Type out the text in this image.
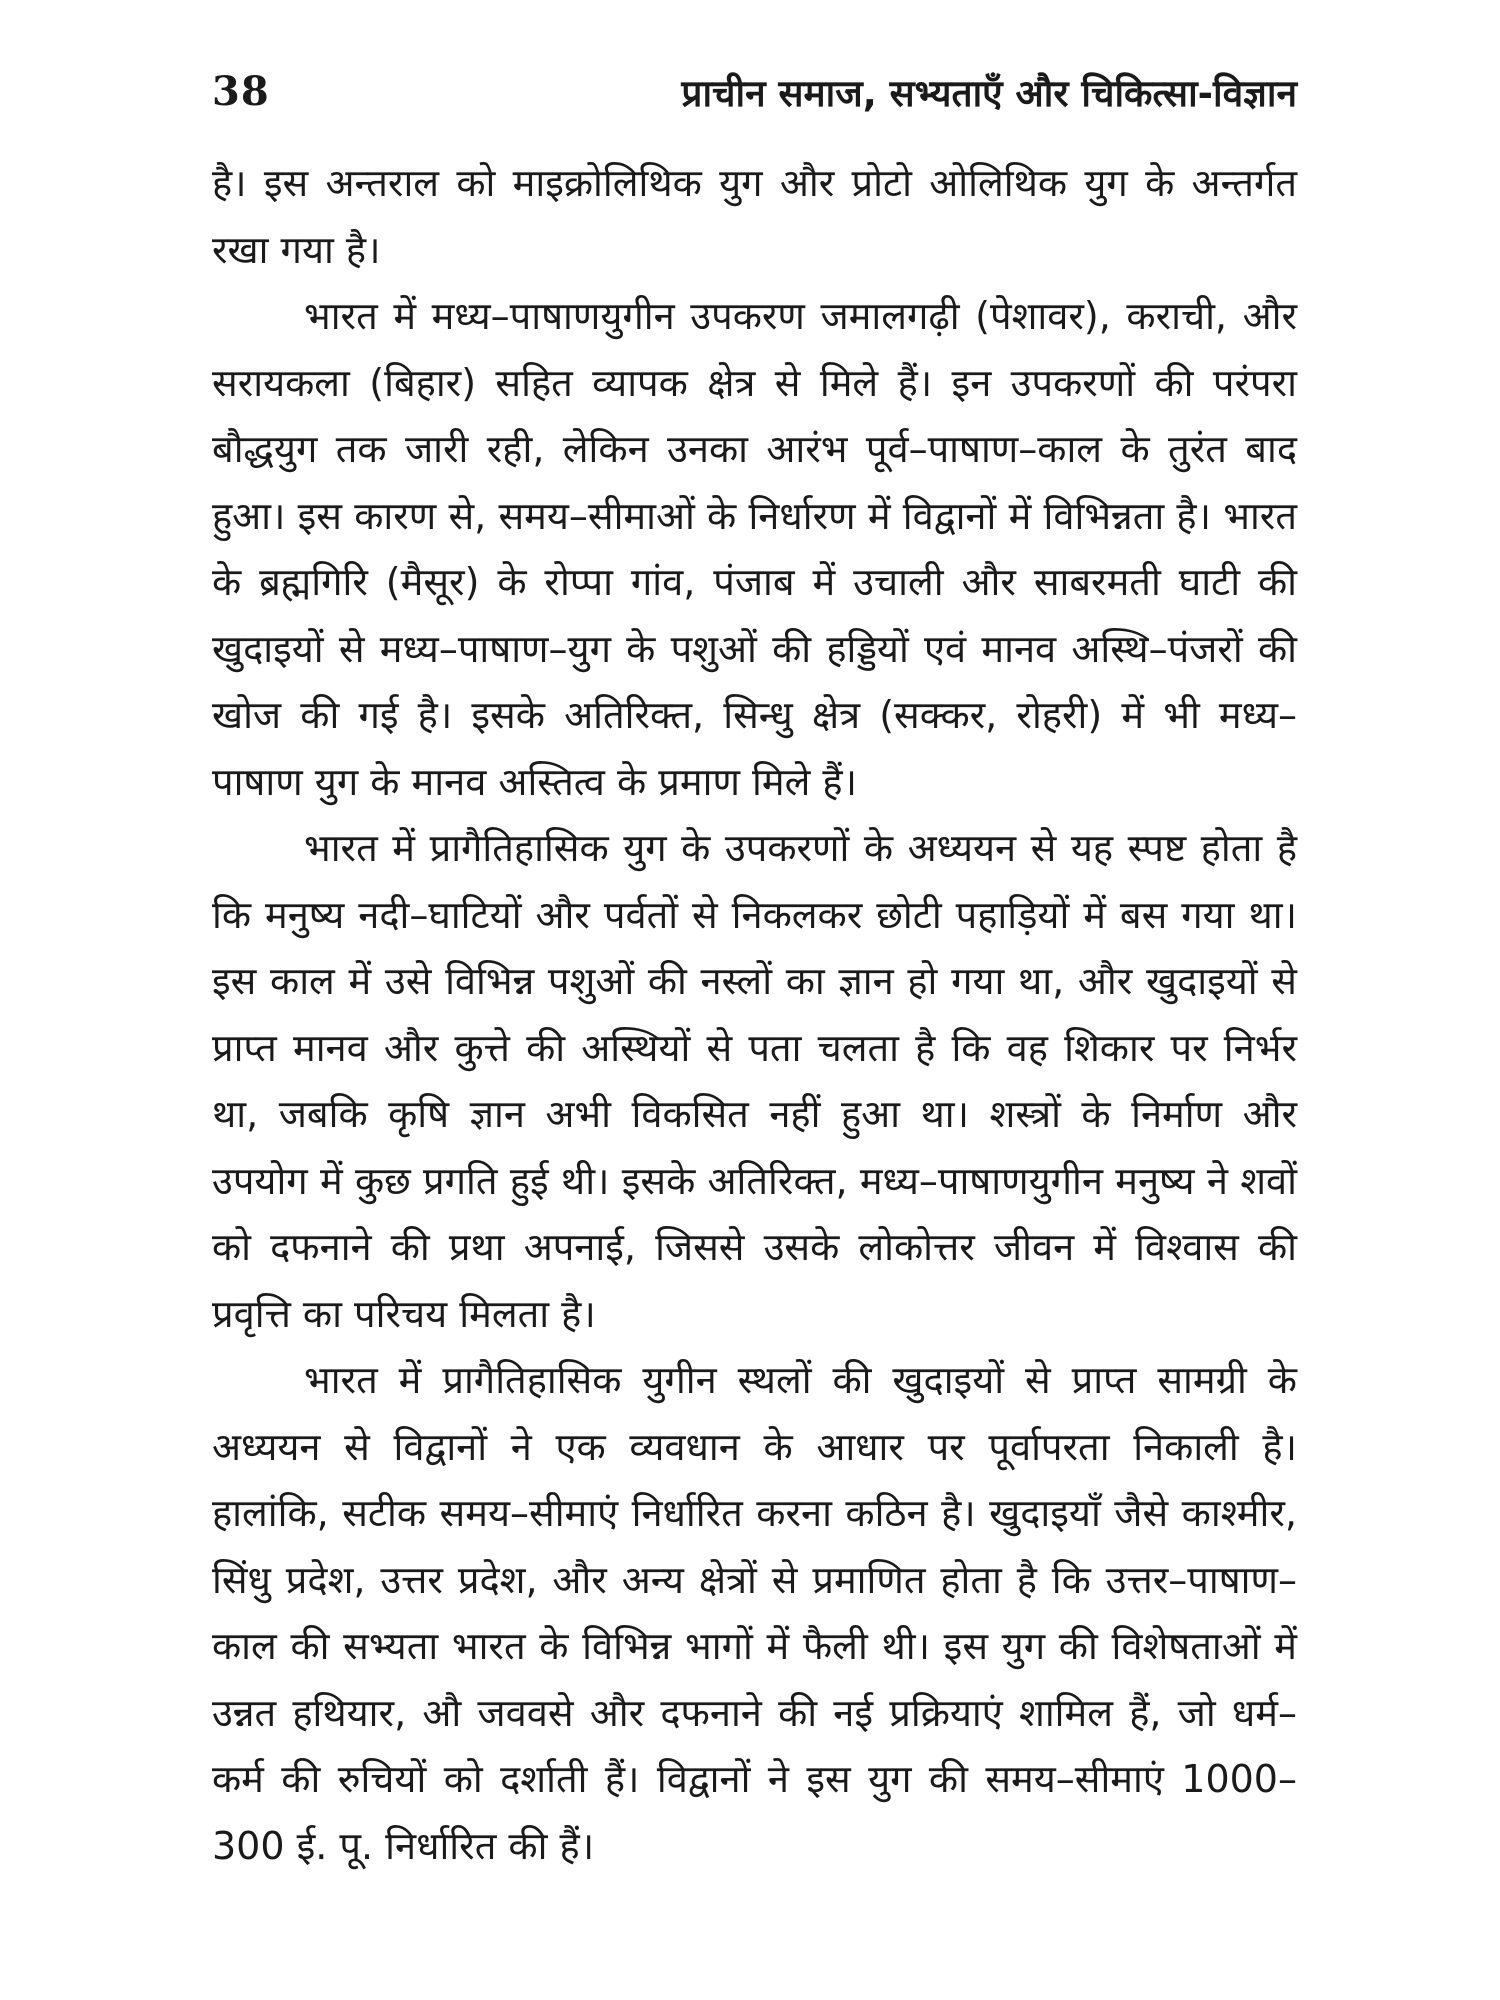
38	प्राचीन समाज, सभ्यताएँ और चिकित्सा-विज्ञान

है। इस अन्तराल को माइक्रोलिथिक युग और प्रोटो ओलिथिक युग के अन्तर्गत रखा गया है।

भारत में मध्य–पाषाणयुगीन उपकरण जमालगढ़ी (पेशावर), कराची, और सरायकला (बिहार) सहित व्यापक क्षेत्र से मिले हैं। इन उपकरणों की परंपरा बौद्धयुग तक जारी रही, लेकिन उनका आरंभ पूर्व–पाषाण–काल के तुरंत बाद हुआ। इस कारण से, समय–सीमाओं के निर्धारण में विद्वानों में विभिन्नता है। भारत के ब्रह्मगिरि (मैसूर) के रोप्पा गांव, पंजाब में उचाली और साबरमती घाटी की खुदाइयों से मध्य–पाषाण–युग के पशुओं की हड्डियों एवं मानव अस्थि–पंजरों की खोज की गई है। इसके अतिरिक्त, सिन्धु क्षेत्र (सक्कर, रोहरी) में भी मध्य–पाषाण युग के मानव अस्तित्व के प्रमाण मिले हैं।

भारत में प्रागैतिहासिक युग के उपकरणों के अध्ययन से यह स्पष्ट होता है कि मनुष्य नदी–घाटियों और पर्वतों से निकलकर छोटी पहाड़ियों में बस गया था। इस काल में उसे विभिन्न पशुओं की नस्लों का ज्ञान हो गया था, और खुदाइयों से प्राप्त मानव और कुत्ते की अस्थियों से पता चलता है कि वह शिकार पर निर्भर था, जबकि कृषि ज्ञान अभी विकसित नहीं हुआ था। शस्त्रों के निर्माण और उपयोग में कुछ प्रगति हुई थी। इसके अतिरिक्त, मध्य–पाषाणयुगीन मनुष्य ने शवों को दफनाने की प्रथा अपनाई, जिससे उसके लोकोत्तर जीवन में विश्वास की प्रवृत्ति का परिचय मिलता है।

भारत में प्रागैतिहासिक युगीन स्थलों की खुदाइयों से प्राप्त सामग्री के अध्ययन से विद्वानों ने एक व्यवधान के आधार पर पूर्वापरता निकाली है। हालांकि, सटीक समय–सीमाएं निर्धारित करना कठिन है। खुदाइयाँ जैसे काश्मीर, सिंधु प्रदेश, उत्तर प्रदेश, और अन्य क्षेत्रों से प्रमाणित होता है कि उत्तर–पाषाण–काल की सभ्यता भारत के विभिन्न भागों में फैली थी। इस युग की विशेषताओं में उन्नत हथियार, औ जववसे और दफनाने की नई प्रक्रियाएं शामिल हैं, जो धर्म–कर्म की रुचियों को दर्शाती हैं। विद्वानों ने इस युग की समय–सीमाएं 1000–300 ई. पू. निर्धारित की हैं।
